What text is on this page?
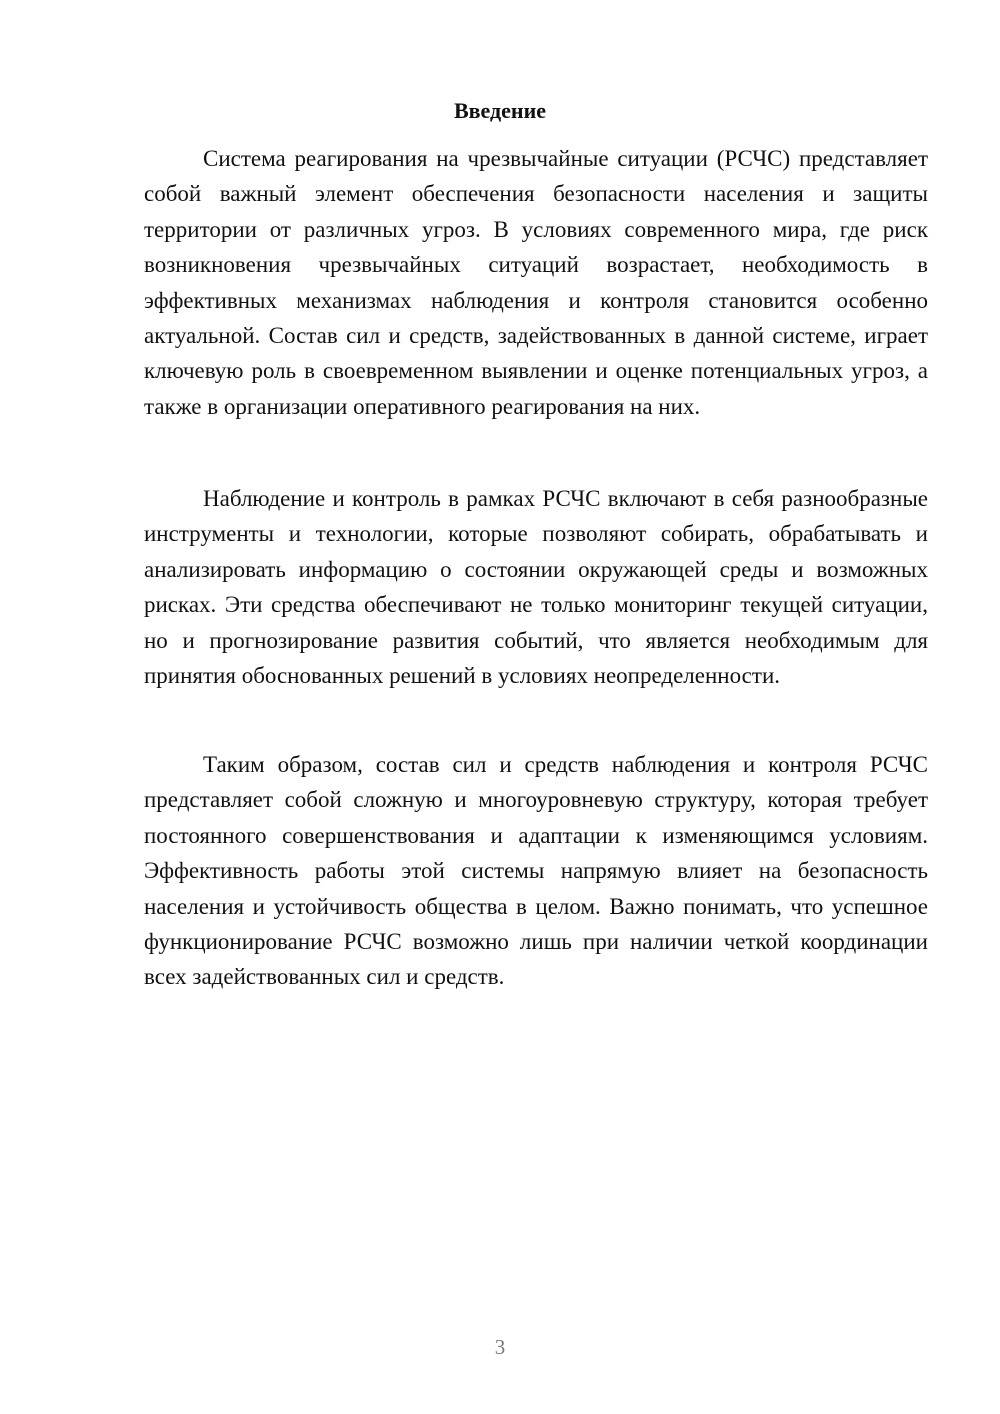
Введение

Система реагирования на чрезвычайные ситуации (РСЧС) представляет собой важный элемент обеспечения безопасности населения и защиты территории от различных угроз. В условиях современного мира, где риск возникновения чрезвычайных ситуаций возрастает, необходимость в эффективных механизмах наблюдения и контроля становится особенно актуальной. Состав сил и средств, задействованных в данной системе, играет ключевую роль в своевременном выявлении и оценке потенциальных угроз, а также в организации оперативного реагирования на них.

Наблюдение и контроль в рамках РСЧС включают в себя разнообразные инструменты и технологии, которые позволяют собирать, обрабатывать и анализировать информацию о состоянии окружающей среды и возможных рисках. Эти средства обеспечивают не только мониторинг текущей ситуации, но и прогнозирование развития событий, что является необходимым для принятия обоснованных решений в условиях неопределенности.

Таким образом, состав сил и средств наблюдения и контроля РСЧС представляет собой сложную и многоуровневую структуру, которая требует постоянного совершенствования и адаптации к изменяющимся условиям. Эффективность работы этой системы напрямую влияет на безопасность населения и устойчивость общества в целом. Важно понимать, что успешное функционирование РСЧС возможно лишь при наличии четкой координации всех задействованных сил и средств.

3
